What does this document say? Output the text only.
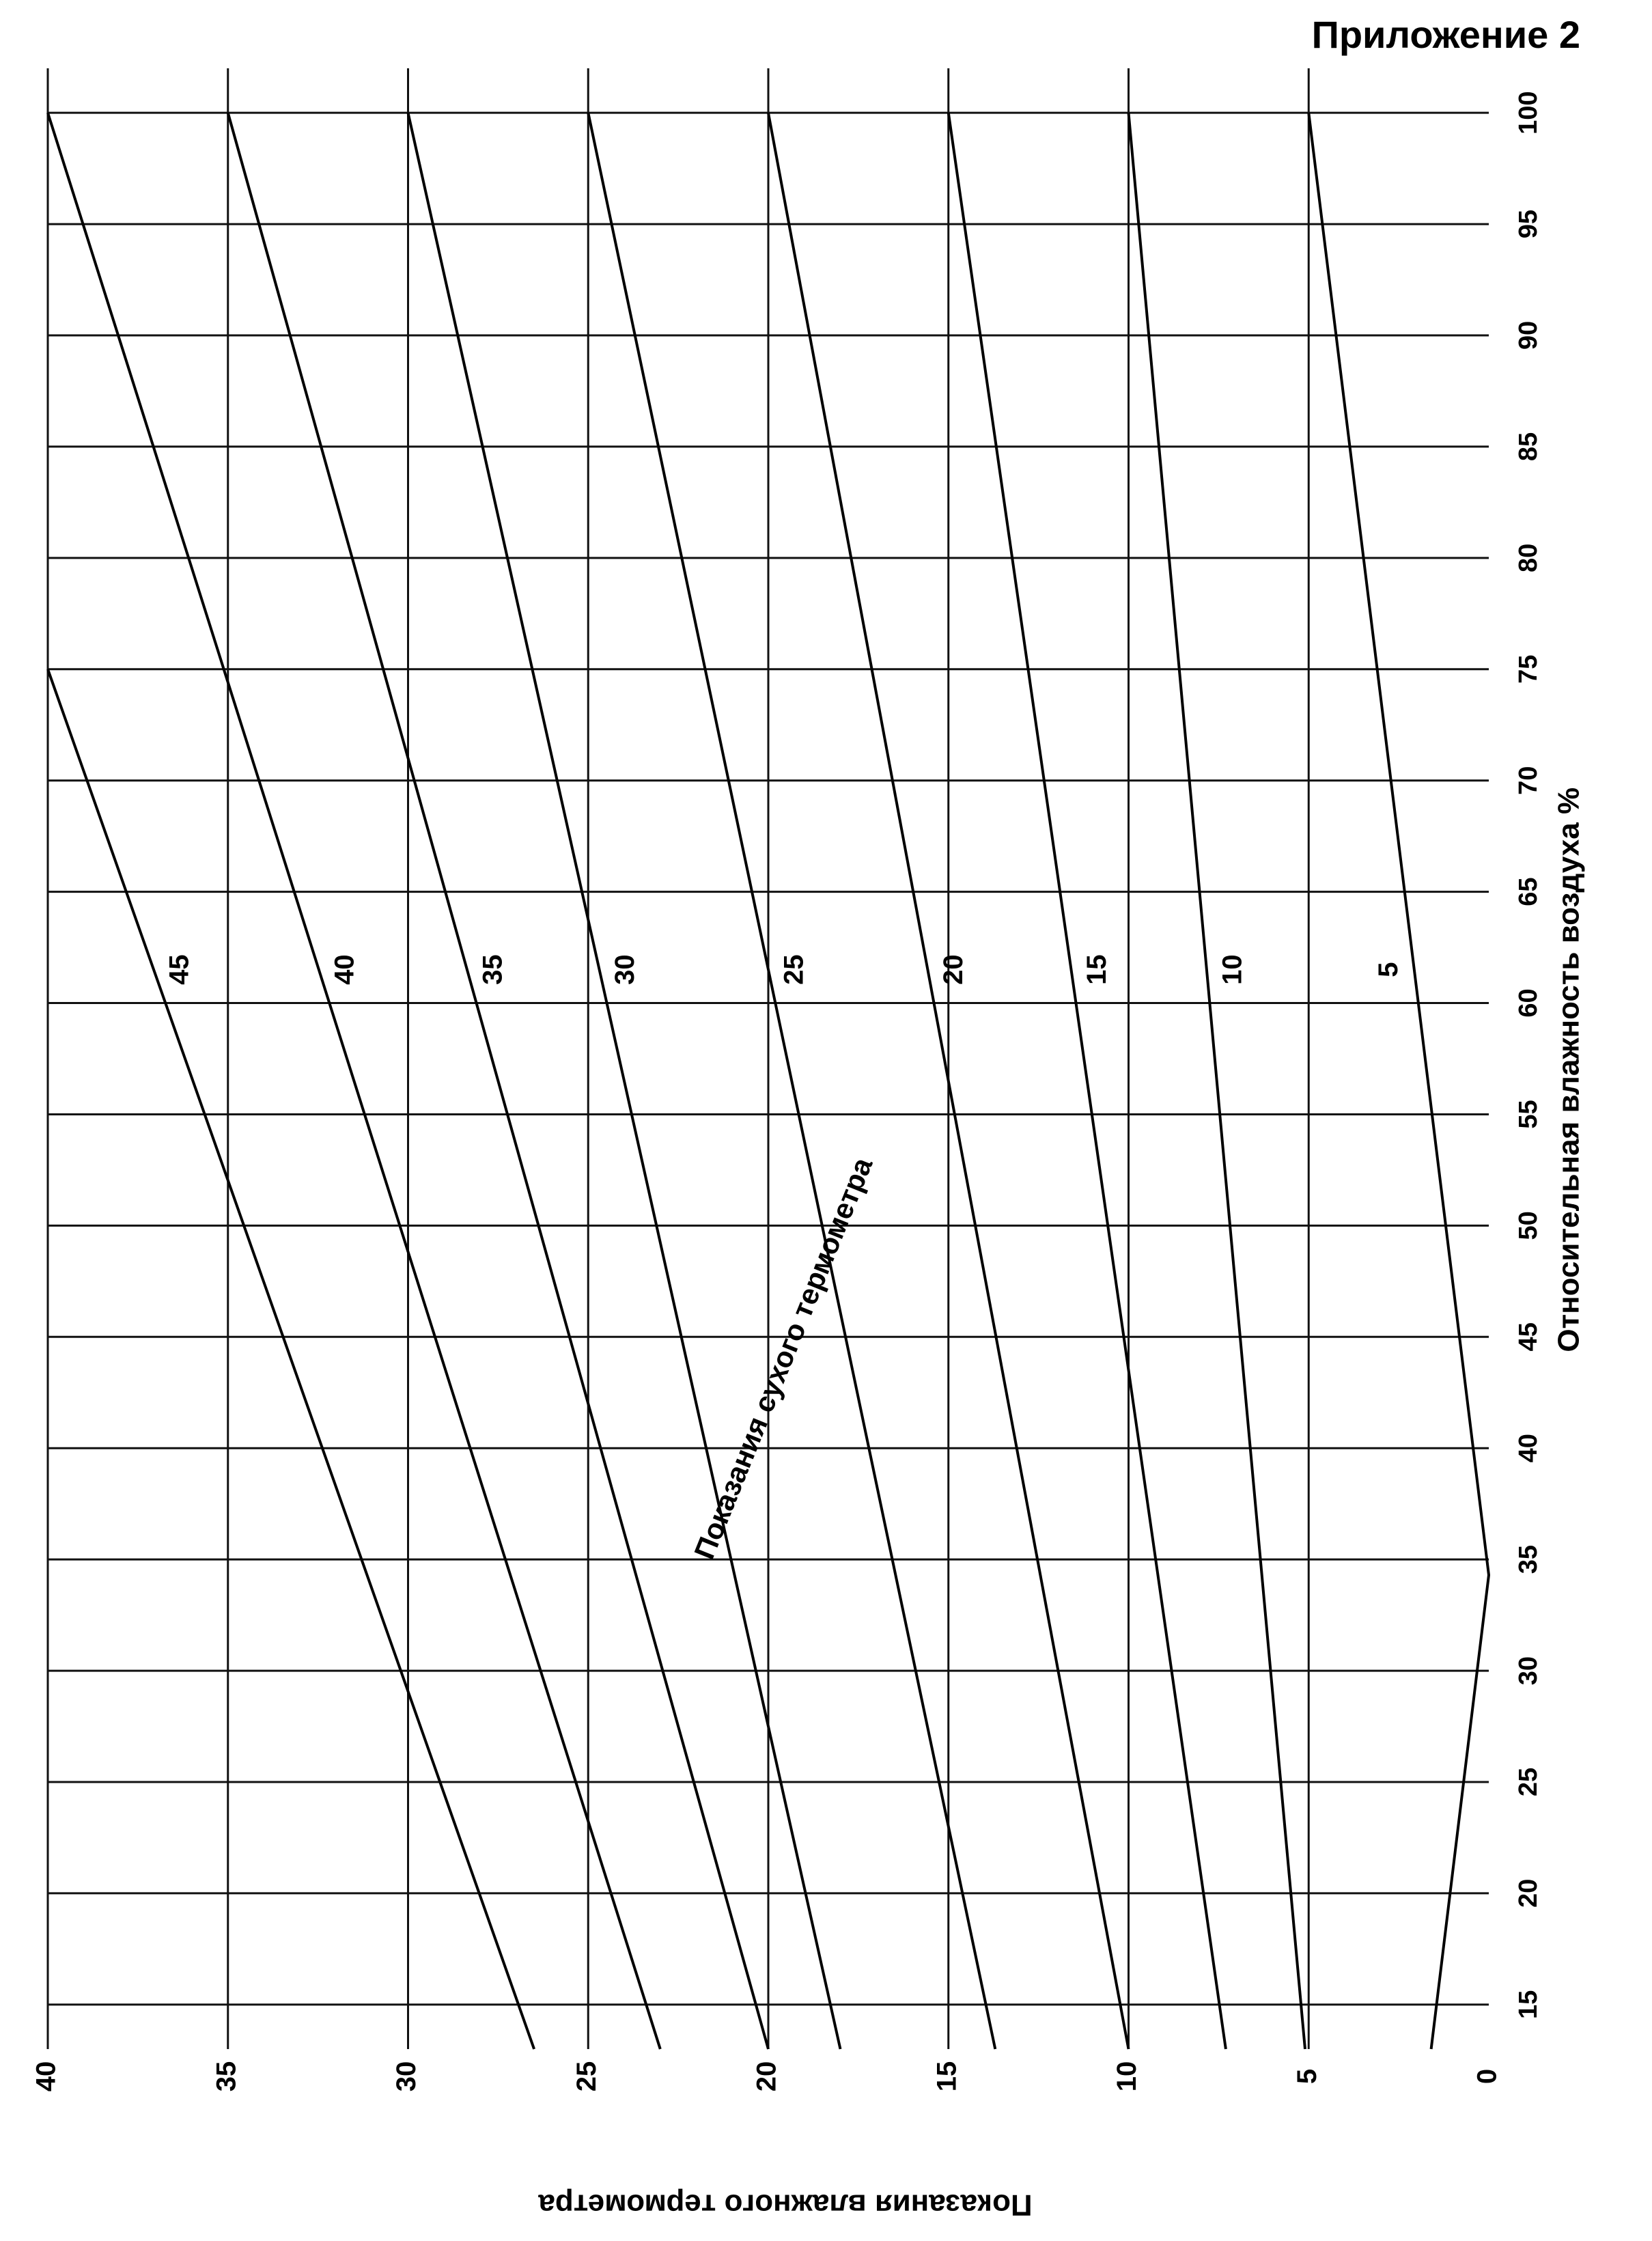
Приложение 2
15
20
25
30
35
40
45
50
55
60
65
70
75
80
85
90
95
100
0
5
10
15
20
25
30
35
40
5
10
15
20
25
30
35
40
45	Относительная влажность воздуха %
Показания влажного термометра
Показания сухого термометра
